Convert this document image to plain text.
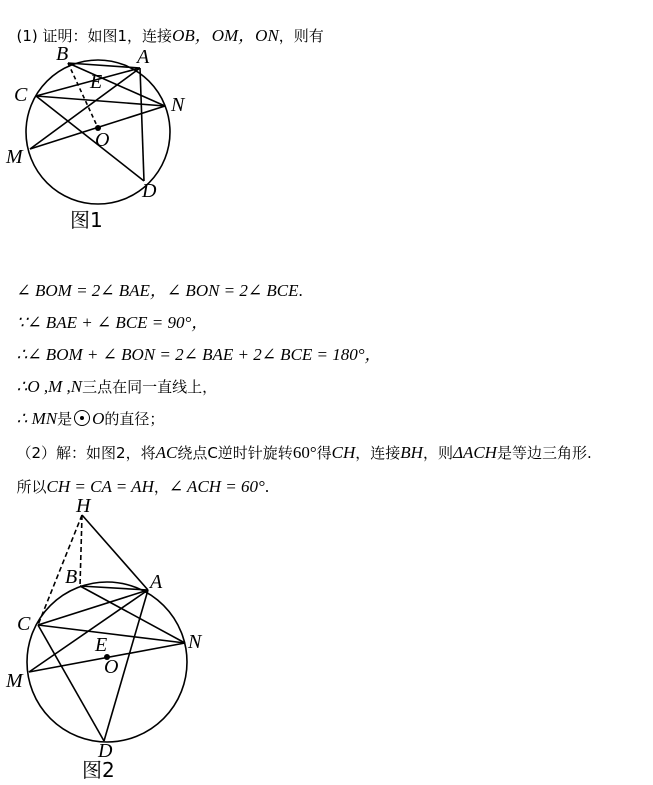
(1) 证明：如图1，连接OB，OM，ON，则有

B	A
C
E
N
O
M
D
图1

∠ BOM = 2∠ BAE，∠ BON = 2∠ BCE.

∵∠ BAE + ∠ BCE = 90°，

∴∠ BOM + ∠ BON = 2∠ BAE + 2∠ BCE = 180°，

∴O ,M ,N三点在同一直线上，

∴ MN是 O的直径；

（2）解：如图2，将AC绕点C逆时针旋转60°得CH，连接BH，则ΔACH是等边三角形.

所以CH = CA = AH，∠ ACH = 60°.

H
B	A
C
E	N
O
M
D
图2
